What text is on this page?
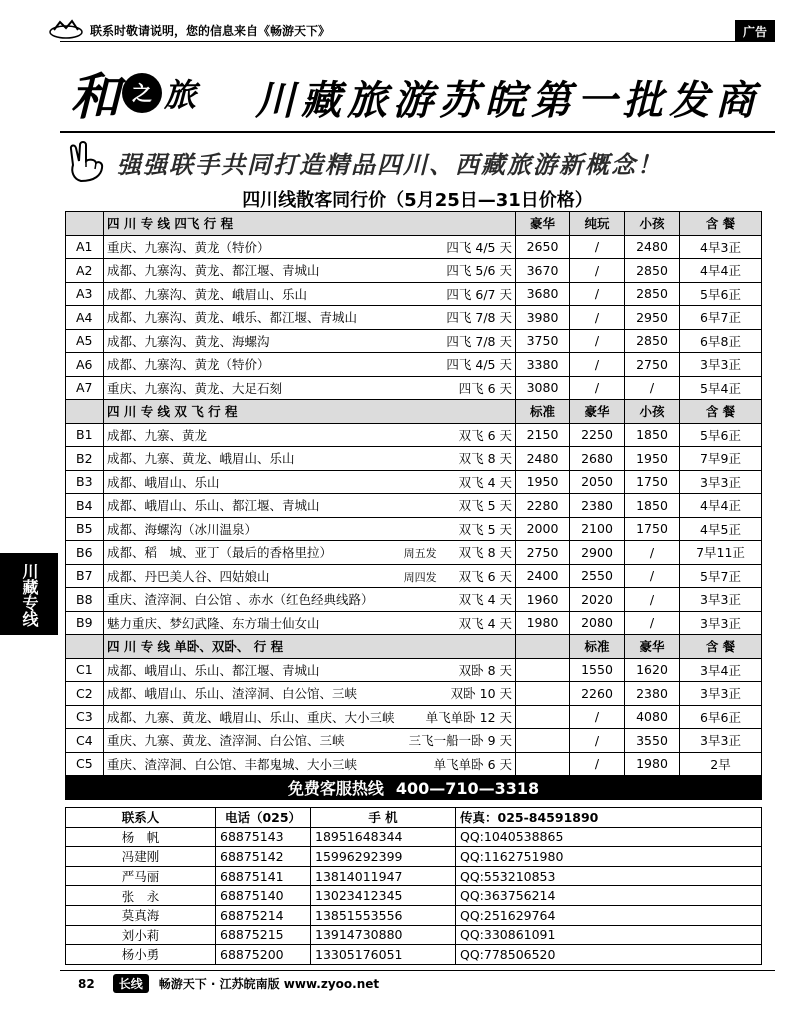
联系时敬请说明，您的信息来自《畅游天下》	广告
和 之 旅 川藏旅游苏皖第一批发商
强强联手共同打造精品四川、西藏旅游新概念！
四川线散客同行价（5月25日—31日价格）
	四 川 专 线 四飞 行 程	豪华	纯玩	小孩	含 餐
A1	重庆、九寨沟、黄龙（特价） 四飞 4/5 天	2650	/	2480	4早3正
A2	成都、九寨沟、黄龙、都江堰、青城山 四飞 5/6 天	3670	/	2850	4早4正
A3	成都、九寨沟、黄龙、峨眉山、乐山 四飞 6/7 天	3680	/	2850	5早6正
A4	成都、九寨沟、黄龙、峨乐、都江堰、青城山 四飞 7/8 天	3980	/	2950	6早7正
A5	成都、九寨沟、黄龙、海螺沟 四飞 7/8 天	3750	/	2850	6早8正
A6	成都、九寨沟、黄龙（特价） 四飞 4/5 天	3380	/	2750	3早3正
A7	重庆、九寨沟、黄龙、大足石刻 四飞 6 天	3080	/	/	5早4正
	四 川 专 线 双 飞 行 程	标准	豪华	小孩	含 餐
B1	成都、九寨、黄龙 双飞 6 天	2150	2250	1850	5早6正
B2	成都、九寨、黄龙、峨眉山、乐山 双飞 8 天	2480	2680	1950	7早9正
B3	成都、峨眉山、乐山 双飞 4 天	1950	2050	1750	3早3正
B4	成都、峨眉山、乐山、都江堰、青城山 双飞 5 天	2280	2380	1850	4早4正
B5	成都、海螺沟（冰川温泉） 双飞 5 天	2000	2100	1750	4早5正
B6	成都、稻　城、亚丁（最后的香格里拉） 周五发 双飞 8 天	2750	2900	/	7早11正
B7	成都、丹巴美人谷、四姑娘山 周四发 双飞 6 天	2400	2550	/	5早7正
B8	重庆、渣滓洞、白公馆 、赤水（红色经典线路） 双飞 4 天	1960	2020	/	3早3正
B9	魅力重庆、梦幻武隆、东方瑞士仙女山 双飞 4 天	1980	2080	/	3早3正
	四 川 专 线 单卧、双卧、 行 程		标准	豪华	含 餐
C1	成都、峨眉山、乐山、都江堰、青城山 双卧 8 天		1550	1620	3早4正
C2	成都、峨眉山、乐山、渣滓洞、白公馆、三峡 双卧 10 天		2260	2380	3早3正
C3	成都、九寨、黄龙、峨眉山、乐山、重庆、大小三峡 单飞单卧 12 天		/	4080	6早6正
C4	重庆、九寨、黄龙、渣滓洞、白公馆、三峡 三飞一船一卧 9 天		/	3550	3早3正
C5	重庆、渣滓洞、白公馆、丰都鬼城、大小三峡 单飞单卧 6 天		/	1980	2早
免费客服热线 400—710—3318					
联系人	电话（025）	手 机	传真：025-84591890
杨　帆	68875143	18951648344	QQ:1040538865
冯建刚	68875142	15996292399	QQ:1162751980
严马丽	68875141	13814011947	QQ:553210853
张　永	68875140	13023412345	QQ:363756214
莫真海	68875214	13851553556	QQ:251629764
刘小莉	68875215	13914730880	QQ:330861091
杨小勇	68875200	13305176051	QQ:778506520
川藏专线
82	长线	畅游天下 · 江苏皖南版 www.zyoo.net
